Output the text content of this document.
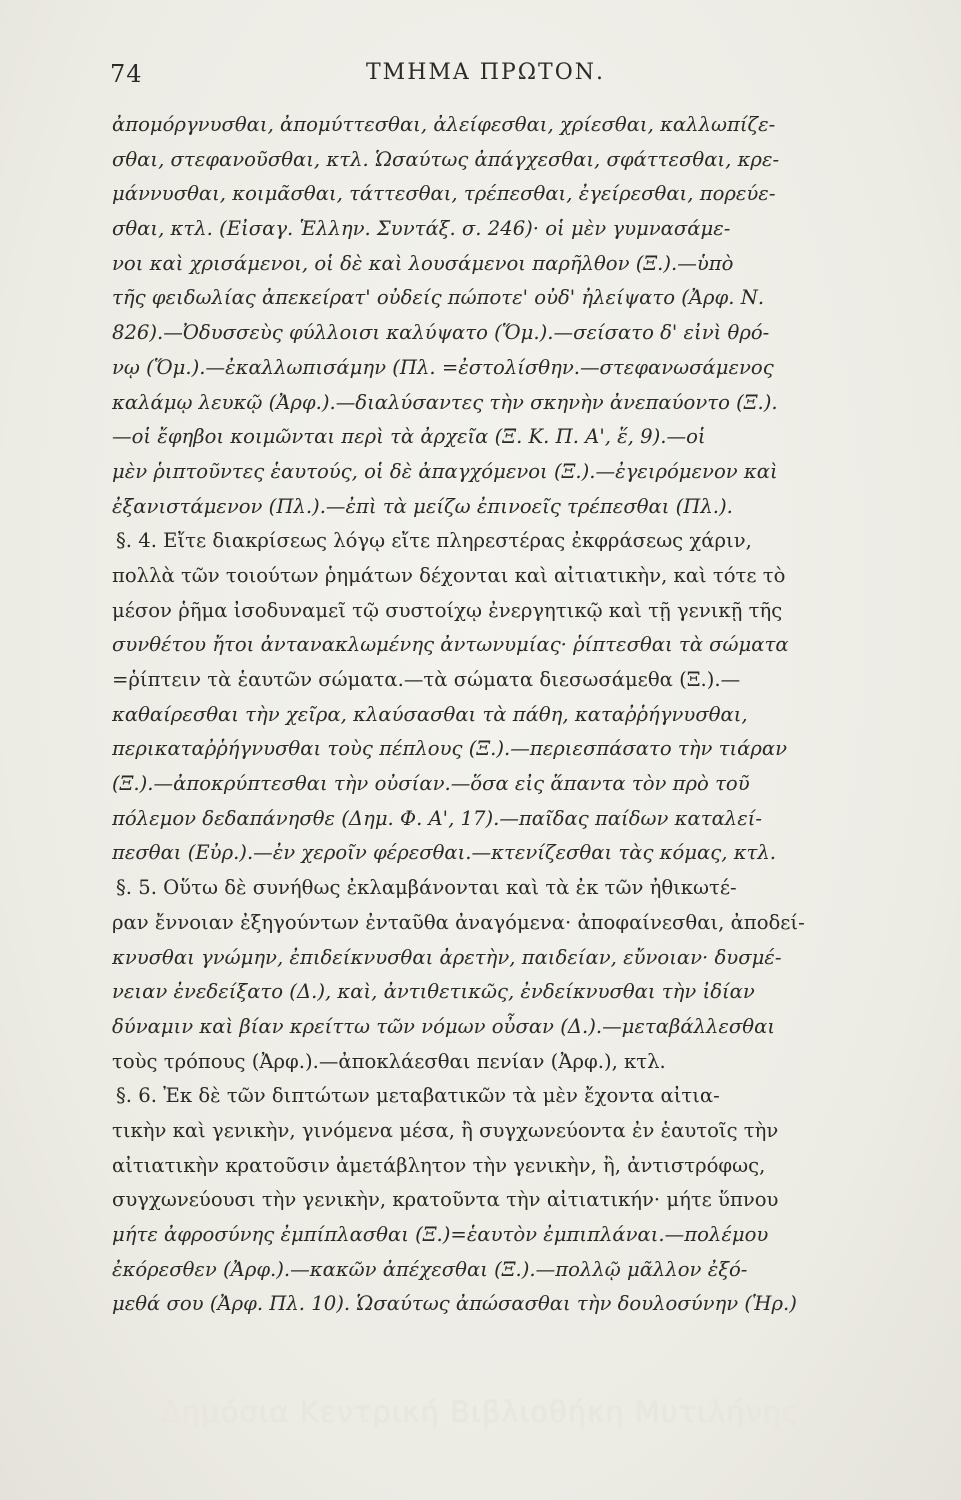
74	ΤΜΗΜΑ ΠΡΩΤΟΝ.
ἀπομόργνυσθαι, ἀπομύττεσθαι, ἀλείφεσθαι, χρίεσθαι, καλλωπίζε-
σθαι, στεφανοῦσθαι, κτλ. Ὡσαύτως ἀπάγχεσθαι, σφάττεσθαι, κρε-
μάννυσθαι, κοιμᾶσθαι, τάττεσθαι, τρέπεσθαι, ἐγείρεσθαι, πορεύε-
σθαι, κτλ. (Εἰσαγ. Ἑλλην. Συντάξ. σ. 246)· οἱ μὲν γυμνασάμε-
νοι καὶ χρισάμενοι, οἱ δὲ καὶ λουσάμενοι παρῆλθον (Ξ.).—ὑπὸ
τῆς φειδωλίας ἀπεκείρατ' οὐδείς πώποτε' οὐδ' ἠλείψατο (Ἀρφ. Ν.
826).—Ὀδυσσεὺς φύλλοισι καλύψατο (Ὅμ.).—σείσατο δ' εἰνὶ θρό-
νῳ (Ὅμ.).—ἐκαλλωπισάμην (Πλ. =ἐστολίσθην.—στεφανωσάμενος
καλάμῳ λευκῷ (Ἀρφ.).—διαλύσαντες τὴν σκηνὴν ἀνεπαύοντο (Ξ.).
—οἱ ἔφηβοι κοιμῶνται περὶ τὰ ἀρχεῖα (Ξ. Κ. Π. Α', ἕ, 9).—οἱ
μὲν ῥιπτοῦντες ἑαυτούς, οἱ δὲ ἀπαγχόμενοι (Ξ.).—ἐγειρόμενον καὶ
ἐξανιστάμενον (Πλ.).—ἐπὶ τὰ μείζω ἐπινοεῖς τρέπεσθαι (Πλ.).
§. 4. Εἴτε διακρίσεως λόγῳ εἴτε πληρεστέρας ἐκφράσεως χάριν,
πολλὰ τῶν τοιούτων ῥημάτων δέχονται καὶ αἰτιατικὴν, καὶ τότε τὸ
μέσον ῥῆμα ἰσοδυναμεῖ τῷ συστοίχῳ ἐνεργητικῷ καὶ τῇ γενικῇ τῆς
συνθέτου ἤτοι ἀντανακλωμένης ἀντωνυμίας· ῥίπτεσθαι τὰ σώματα
=ῥίπτειν τὰ ἑαυτῶν σώματα.—τὰ σώματα διεσωσάμεθα (Ξ.).—
καθαίρεσθαι τὴν χεῖρα, κλαύσασθαι τὰ πάθη, καταῤῥήγνυσθαι,
περικαταῤῥήγνυσθαι τοὺς πέπλους (Ξ.).—περιεσπάσατο τὴν τιάραν
(Ξ.).—ἀποκρύπτεσθαι τὴν οὐσίαν.—ὅσα εἰς ἅπαντα τὸν πρὸ τοῦ
πόλεμον δεδαπάνησθε (Δημ. Φ. Α', 17).—παῖδας παίδων καταλεί-
πεσθαι (Εὐρ.).—ἐν χεροῖν φέρεσθαι.—κτενίζεσθαι τὰς κόμας, κτλ.
§. 5. Οὕτω δὲ συνήθως ἐκλαμβάνονται καὶ τὰ ἐκ τῶν ἠθικωτέ-
ραν ἔννοιαν ἐξηγούντων ἐνταῦθα ἀναγόμενα· ἀποφαίνεσθαι, ἀποδεί-
κνυσθαι γνώμην, ἐπιδείκνυσθαι ἀρετὴν, παιδείαν, εὔνοιαν· δυσμέ-
νειαν ἐνεδείξατο (Δ.), καὶ, ἀντιθετικῶς, ἐνδείκνυσθαι τὴν ἰδίαν
δύναμιν καὶ βίαν κρείττω τῶν νόμων οὖσαν (Δ.).—μεταβάλλεσθαι
τοὺς τρόπους (Ἀρφ.).—ἀποκλάεσθαι πενίαν (Ἀρφ.), κτλ.
§. 6. Ἐκ δὲ τῶν διπτώτων μεταβατικῶν τὰ μὲν ἔχοντα αἰτια-
τικὴν καὶ γενικὴν, γινόμενα μέσα, ἢ συγχωνεύοντα ἐν ἑαυτοῖς τὴν
αἰτιατικὴν κρατοῦσιν ἀμετάβλητον τὴν γενικὴν, ἢ, ἀντιστρόφως,
συγχωνεύουσι τὴν γενικὴν, κρατοῦντα τὴν αἰτιατικήν· μήτε ὕπνου
μήτε ἀφροσύνης ἐμπίπλασθαι (Ξ.)=ἑαυτὸν ἐμπιπλάναι.—πολέμου
ἐκόρεσθεν (Ἀρφ.).—κακῶν ἀπέχεσθαι (Ξ.).—πολλῷ μᾶλλον ἐξό-
μεθά σου (Ἀρφ. Πλ. 10). Ὡσαύτως ἀπώσασθαι τὴν δουλοσύνην (Ἡρ.)
Δημόσια Κεντρική Βιβλιοθήκη Μυτιλήνης
